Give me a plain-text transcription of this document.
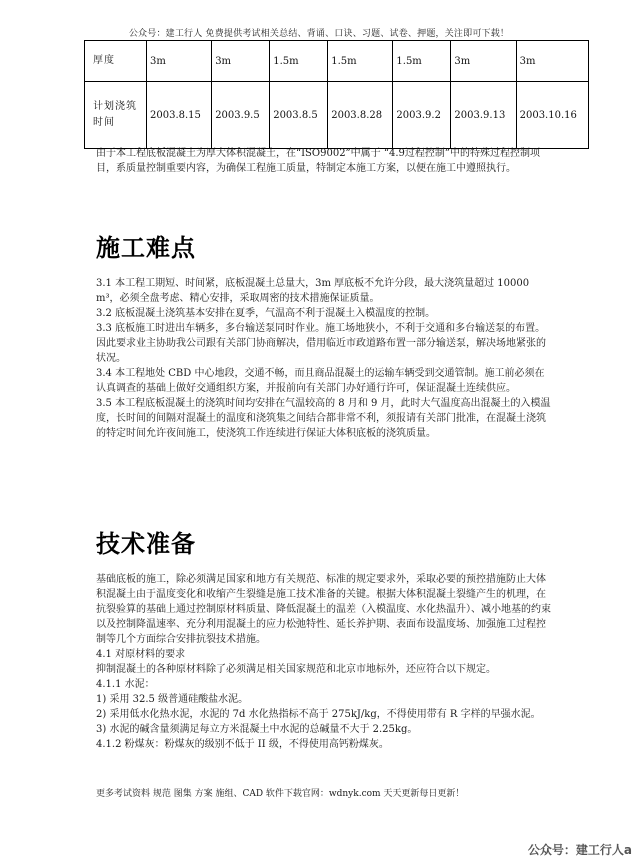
公众号：建工行人 免费提供考试相关总结、背诵、口诀、习题、试卷、押题，关注即可下载！
厚度	3m	3m	1.5m	1.5m	1.5m	3m	3m
计划浇筑时间	2003.8.15	2003.9.5	2003.8.5	2003.8.28	2003.9.2	2003.9.13	2003.10.16

由于本工程底板混凝土为厚大体积混凝土，在“ISO9002”中属于 “4.9过程控制”中的特殊过程控制项目，系质量控制重要内容，为确保工程施工质量，特制定本施工方案，以便在施工中遵照执行。

施工难点

3.1 本工程工期短、时间紧，底板混凝土总量大，3m 厚底板不允许分段，最大浇筑量超过 10000 m³，必须全盘考虑、精心安排，采取周密的技术措施保证质量。

3.2 底板混凝土浇筑基本安排在夏季，气温高不利于混凝土入模温度的控制。

3.3 底板施工时进出车辆多，多台输送泵同时作业。施工场地狭小，不利于交通和多台输送泵的布置。因此要求业主协助我公司跟有关部门协商解决，借用临近市政道路布置一部分输送泵，解决场地紧张的状况。

3.4 本工程地处 CBD 中心地段，交通不畅，而且商品混凝土的运输车辆受到交通管制。施工前必须在认真调查的基础上做好交通组织方案，并报前向有关部门办好通行许可，保证混凝土连续供应。

3.5 本工程底板混凝土的浇筑时间均安排在气温较高的 8 月和 9 月，此时大气温度高出混凝土的入模温度，长时间的间隔对混凝土的温度和浇筑集之间结合都非常不利，须报请有关部门批准，在混凝土浇筑的特定时间允许夜间施工，使浇筑工作连续进行保证大体积底板的浇筑质量。

技术准备

基础底板的施工，除必须满足国家和地方有关规范、标准的规定要求外，采取必要的预控措施防止大体积混凝土由于温度变化和收缩产生裂缝是施工技术准备的关键。根据大体积混凝土裂缝产生的机理，在抗裂验算的基础上通过控制原材料质量、降低混凝土的温差（入模温度、水化热温升）、减小地基的约束以及控制降温速率、充分利用混凝土的应力松弛特性、延长养护期、表面布设温度场、加强施工过程控制等几个方面综合安排抗裂技术措施。

4.1 对原材料的要求

抑制混凝土的各种原材料除了必须满足相关国家规范和北京市地标外，还应符合以下规定。

4.1.1 水泥：

1) 采用 32.5 级普通硅酸盐水泥。

2) 采用低水化热水泥，水泥的 7d 水化热指标不高于 275kJ/kg，不得使用带有 R 字样的早强水泥。

3) 水泥的碱含量须满足每立方米混凝土中水泥的总碱量不大于 2.25kg。

4.1.2 粉煤灰：粉煤灰的级别不低于 II 级，不得使用高钙粉煤灰。

更多考试资料 规范 图集 方案 施组、CAD 软件下载官网：wdnyk.com 天天更新每日更新！
公众号：建工行人a
